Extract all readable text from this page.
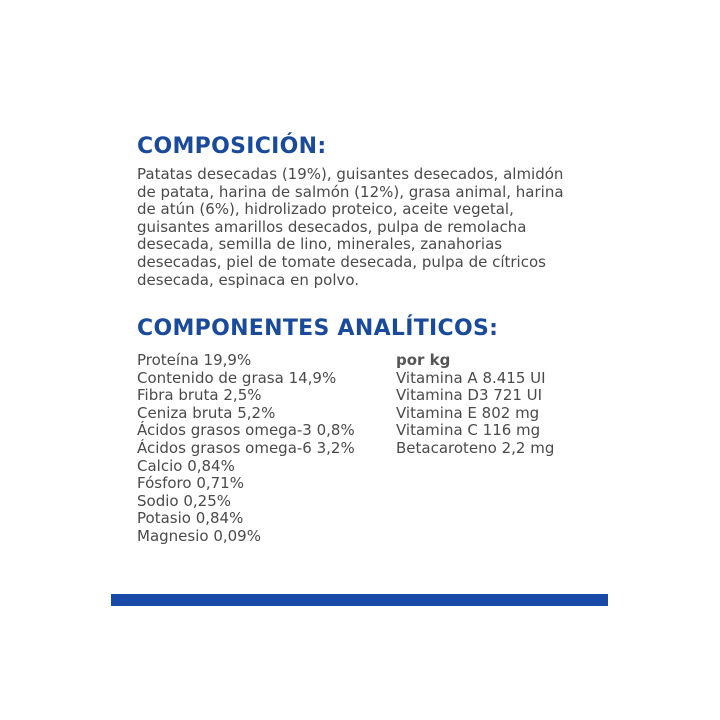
COMPOSICIÓN:

Patatas desecadas (19%), guisantes desecados, almidón
de patata, harina de salmón (12%), grasa animal, harina
de atún (6%), hidrolizado proteico, aceite vegetal,
guisantes amarillos desecados, pulpa de remolacha
desecada, semilla de lino, minerales, zanahorias
desecadas, piel de tomate desecada, pulpa de cítricos
desecada, espinaca en polvo.

COMPONENTES ANALÍTICOS:
Proteína 19,9%
Contenido de grasa 14,9%
Fibra bruta 2,5%
Ceniza bruta 5,2%
Ácidos grasos omega-3 0,8%
Ácidos grasos omega-6 3,2%
Calcio 0,84%
Fósforo 0,71%
Sodio 0,25%
Potasio 0,84%
Magnesio 0,09%
por kg
Vitamina A 8.415 UI
Vitamina D3 721 UI
Vitamina E 802 mg
Vitamina C 116 mg
Betacaroteno 2,2 mg
